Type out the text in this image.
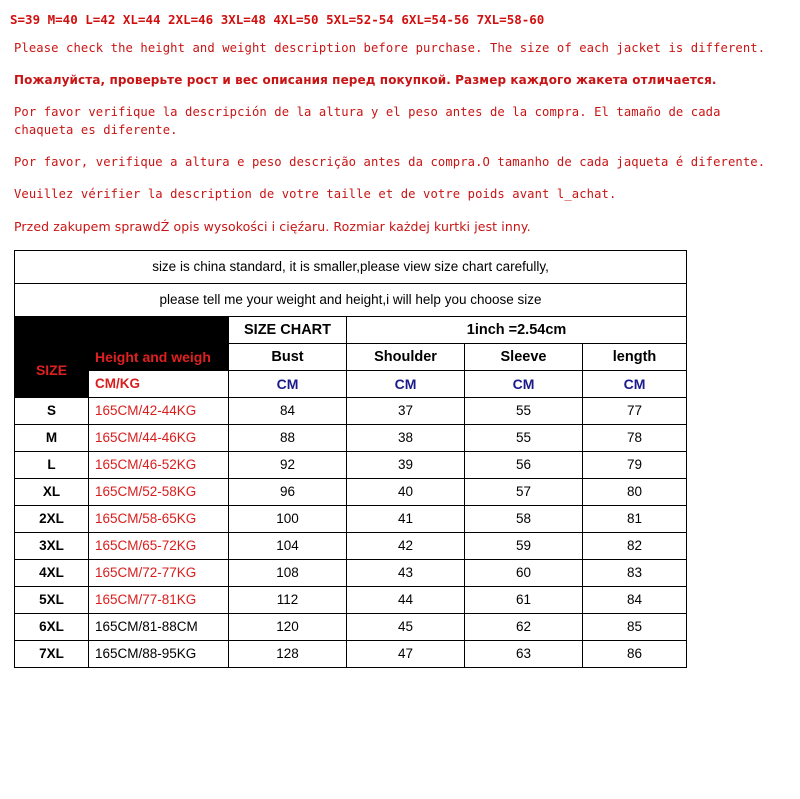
S=39 M=40 L=42 XL=44 2XL=46 3XL=48 4XL=50 5XL=52-54 6XL=54-56 7XL=58-60
Please check the height and weight description before purchase. The size of each jacket is different.
Пожалуйста, проверьте рост и вес описания перед покупкой. Размер каждого жакета отличается.
Por favor verifique la descripción de la altura y el peso antes de la compra. El tamaño de cada chaqueta es diferente.
Por favor, verifique a altura e peso descrição antes da compra.O tamanho de cada jaqueta é diferente.
Veuillez vérifier la description de votre taille et de votre poids avant l_achat.
Przed zakupem sprawdŹ opis wysokości i cięźaru. Rozmiar każdej kurtki jest inny.
size is china standard, it is smaller,please view size chart carefully,					
please tell me your weight and height,i will help you choose size					
		SIZE CHART	1inch =2.54cm		
SIZE	Height and weigh	Bust	Shoulder	Sleeve	length
	CM/KG	CM	CM	CM	CM
S	165CM/42-44KG	84	37	55	77
M	165CM/44-46KG	88	38	55	78
L	165CM/46-52KG	92	39	56	79
XL	165CM/52-58KG	96	40	57	80
2XL	165CM/58-65KG	100	41	58	81
3XL	165CM/65-72KG	104	42	59	82
4XL	165CM/72-77KG	108	43	60	83
5XL	165CM/77-81KG	112	44	61	84
6XL	165CM/81-88CM	120	45	62	85
7XL	165CM/88-95KG	128	47	63	86
